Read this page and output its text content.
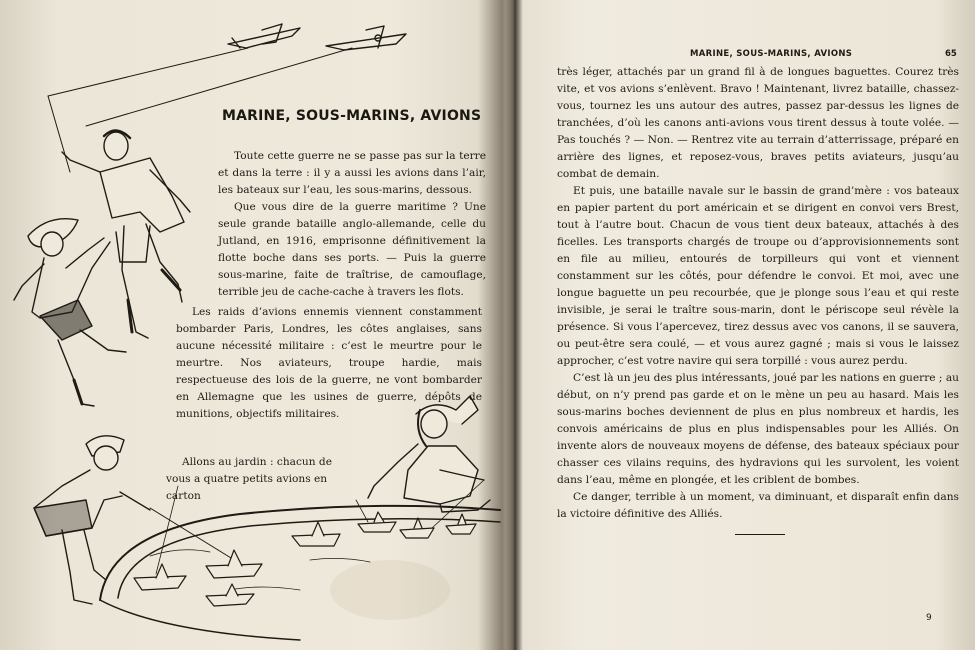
MARINE, SOUS-MARINS, AVIONS

Toute cette guerre ne se passe pas sur la terre et dans la terre : il y a aussi les avions dans l’air, les bateaux sur l’eau, les sous-marins, dessous.

Que vous dire de la guerre maritime ? Une seule grande bataille anglo-allemande, celle du Jutland, en 1916, emprisonne définitivement la flotte boche dans ses ports. — Puis la guerre sous-marine, faite de traîtrise, de camouflage, terrible jeu de cache-cache à travers les flots.

Les raids d’avions ennemis viennent constamment bombarder Paris, Londres, les côtes anglaises, sans aucune nécessité militaire : c’est le meurtre pour le meurtre. Nos aviateurs, troupe hardie, mais respectueuse des lois de la guerre, ne vont bombarder en Allemagne que les usines de guerre, dépôts de munitions, objectifs militaires.

Allons au jardin : chacun de vous a quatre petits avions en carton

MARINE, SOUS-MARINS, AVIONS	65

très léger, attachés par un grand fil à de longues baguettes. Courez très vite, et vos avions s’enlèvent. Bravo ! Maintenant, livrez bataille, chassez-vous, tournez les uns autour des autres, passez par-dessus les lignes de tranchées, d’où les canons anti-avions vous tirent dessus à toute volée. — Pas touchés ? — Non. — Rentrez vite au terrain d’atterrissage, préparé en arrière des lignes, et reposez-vous, braves petits aviateurs, jusqu’au combat de demain.

Et puis, une bataille navale sur le bassin de grand’mère : vos bateaux en papier partent du port américain et se dirigent en convoi vers Brest, tout à l’autre bout. Chacun de vous tient deux bateaux, attachés à des ficelles. Les transports chargés de troupe ou d’approvisionnements sont en file au milieu, entourés de torpilleurs qui vont et viennent constamment sur les côtés, pour défendre le convoi. Et moi, avec une longue baguette un peu recourbée, que je plonge sous l’eau et qui reste invisible, je serai le traître sous-marin, dont le périscope seul révèle la présence. Si vous l’apercevez, tirez dessus avec vos canons, il se sauvera, ou peut-être sera coulé, — et vous aurez gagné ; mais si vous le laissez approcher, c’est votre navire qui sera torpillé : vous aurez perdu.

C’est là un jeu des plus intéressants, joué par les nations en guerre ; au début, on n’y prend pas garde et on le mène un peu au hasard. Mais les sous-marins boches deviennent de plus en plus nombreux et hardis, les convois américains de plus en plus indispensables pour les Alliés. On invente alors de nouveaux moyens de défense, des bateaux spéciaux pour chasser ces vilains requins, des hydravions qui les survolent, les voient dans l’eau, même en plongée, et les criblent de bombes.

Ce danger, terrible à un moment, va diminuant, et disparaît enfin dans la victoire définitive des Alliés.

9
